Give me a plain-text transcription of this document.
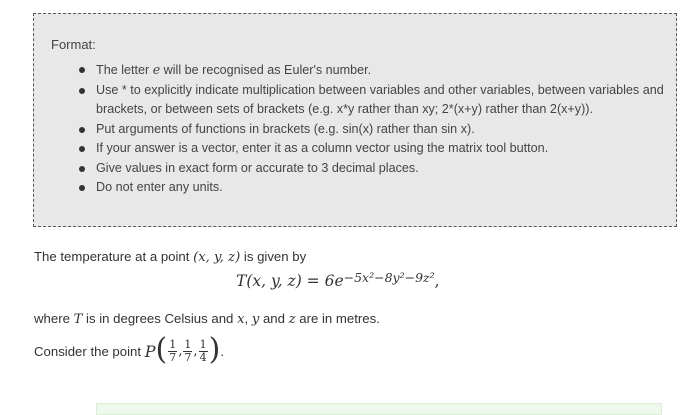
Format:
The letter e will be recognised as Euler's number.
Use * to explicitly indicate multiplication between variables and other variables, between variables and brackets, or between sets of brackets (e.g. x*y rather than xy; 2*(x+y) rather than 2(x+y)).
Put arguments of functions in brackets (e.g. sin(x) rather than sin x).
If your answer is a vector, enter it as a column vector using the matrix tool button.
Give values in exact form or accurate to 3 decimal places.
Do not enter any units.
The temperature at a point (x, y, z) is given by
T(x, y, $z) = 6e^{-5x^2-8y^2-9z^2}$,
where T is in degrees Celsius and x, y and z are in metres.
Consider the point $P( \frac{1}{7}$ , $\frac{1}{7}$ , $\frac{1}{4}$ ).
